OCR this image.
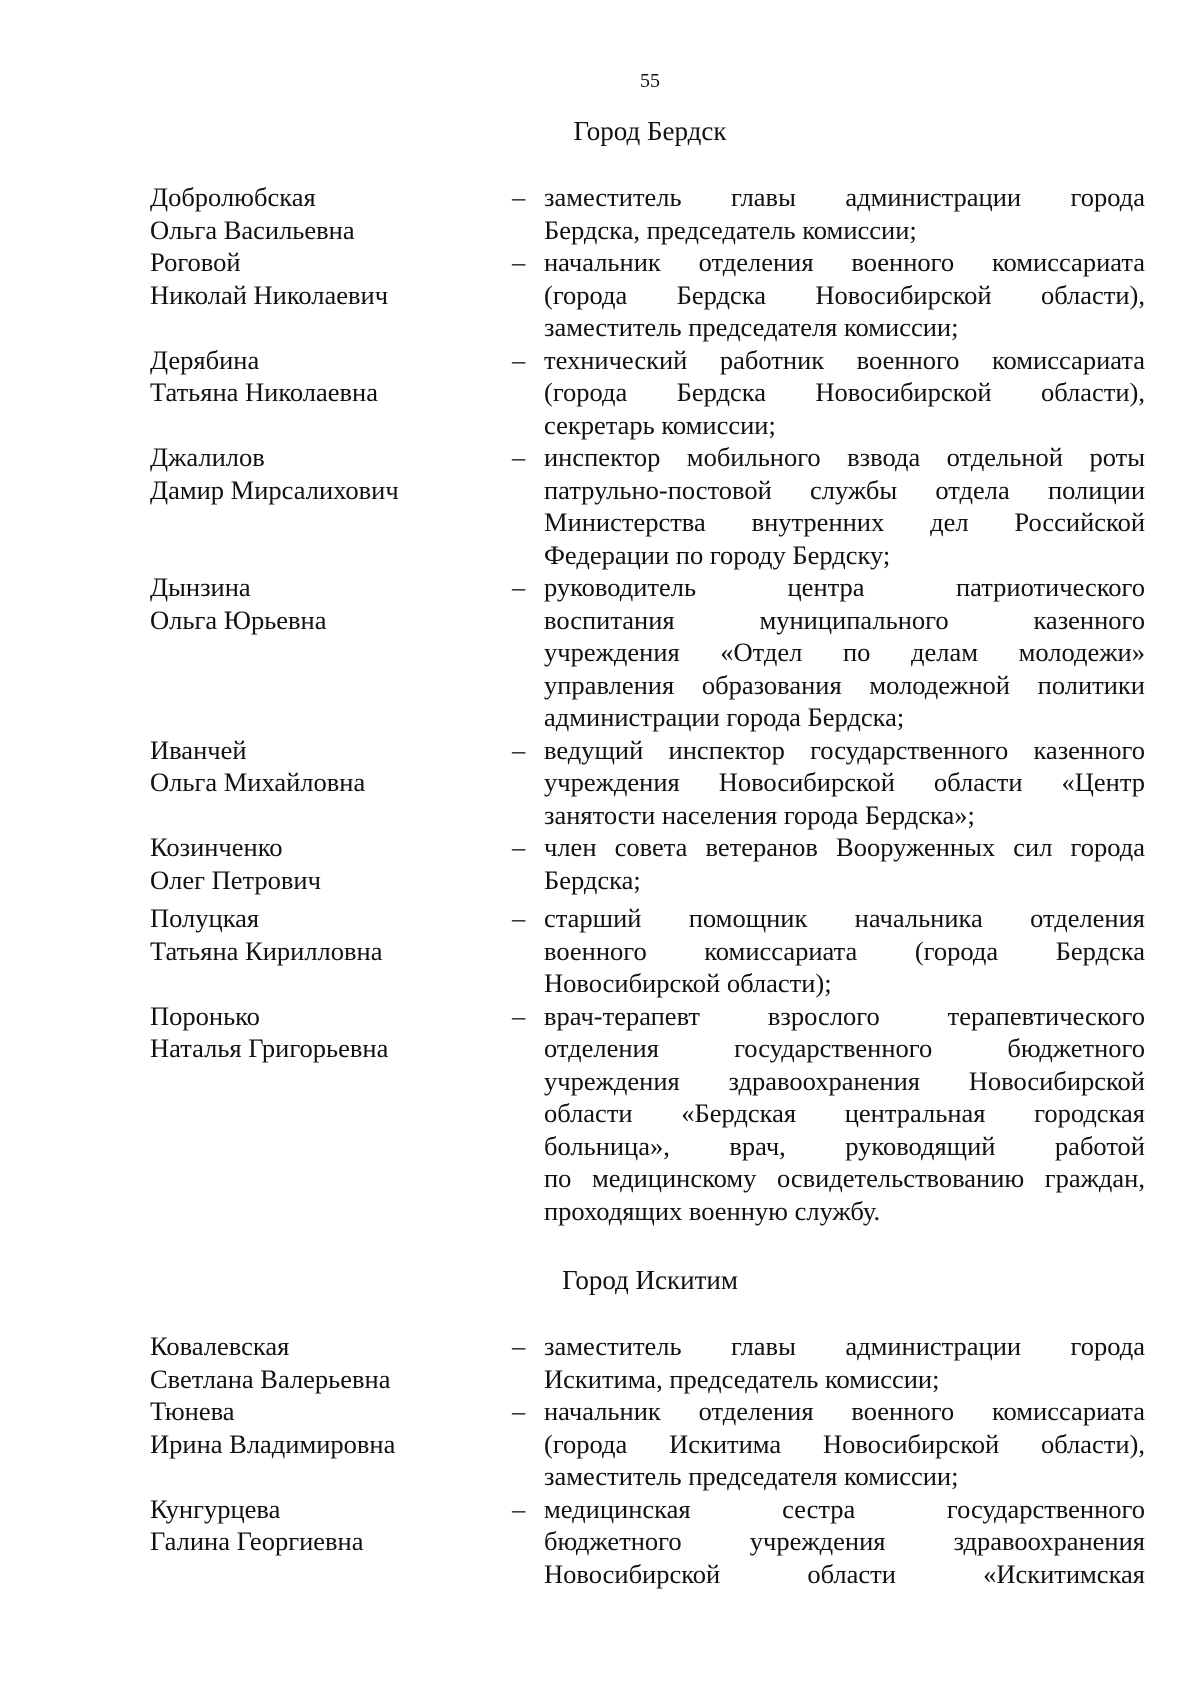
55
Город Бердск
Добролюбская
Ольга Васильевна
– заместитель главы администрации города
Бердска, председатель комиссии;
Роговой
Николай Николаевич
– начальник отделения военного комиссариата
(города Бердска Новосибирской области),
заместитель председателя комиссии;
Дерябина
Татьяна Николаевна
– технический работник военного комиссариата
(города Бердска Новосибирской области),
секретарь комиссии;
Джалилов
Дамир Мирсалихович
– инспектор мобильного взвода отдельной роты
патрульно-постовой службы отдела полиции
Министерства внутренних дел Российской
Федерации по городу Бердску;
Дынзина
Ольга Юрьевна
– руководитель центра патриотического
воспитания муниципального казенного
учреждения «Отдел по делам молодежи»
управления образования молодежной политики
администрации города Бердска;
Иванчей
Ольга Михайловна
– ведущий инспектор государственного казенного
учреждения Новосибирской области «Центр
занятости населения города Бердска»;
Козинченко
Олег Петрович
– член совета ветеранов Вооруженных сил города
Бердска;
Полуцкая
Татьяна Кирилловна
– старший помощник начальника отделения
военного комиссариата (города Бердска
Новосибирской области);
Поронько
Наталья Григорьевна
– врач-терапевт взрослого терапевтического
отделения государственного бюджетного
учреждения здравоохранения Новосибирской
области «Бердская центральная городская
больница», врач, руководящий работой
по медицинскому освидетельствованию граждан,
проходящих военную службу.
Город Искитим
Ковалевская
Светлана Валерьевна
– заместитель главы администрации города
Искитима, председатель комиссии;
Тюнева
Ирина Владимировна
– начальник отделения военного комиссариата
(города Искитима Новосибирской области),
заместитель председателя комиссии;
Кунгурцева
Галина Георгиевна
– медицинская сестра государственного
бюджетного учреждения здравоохранения
Новосибирской области «Искитимская
